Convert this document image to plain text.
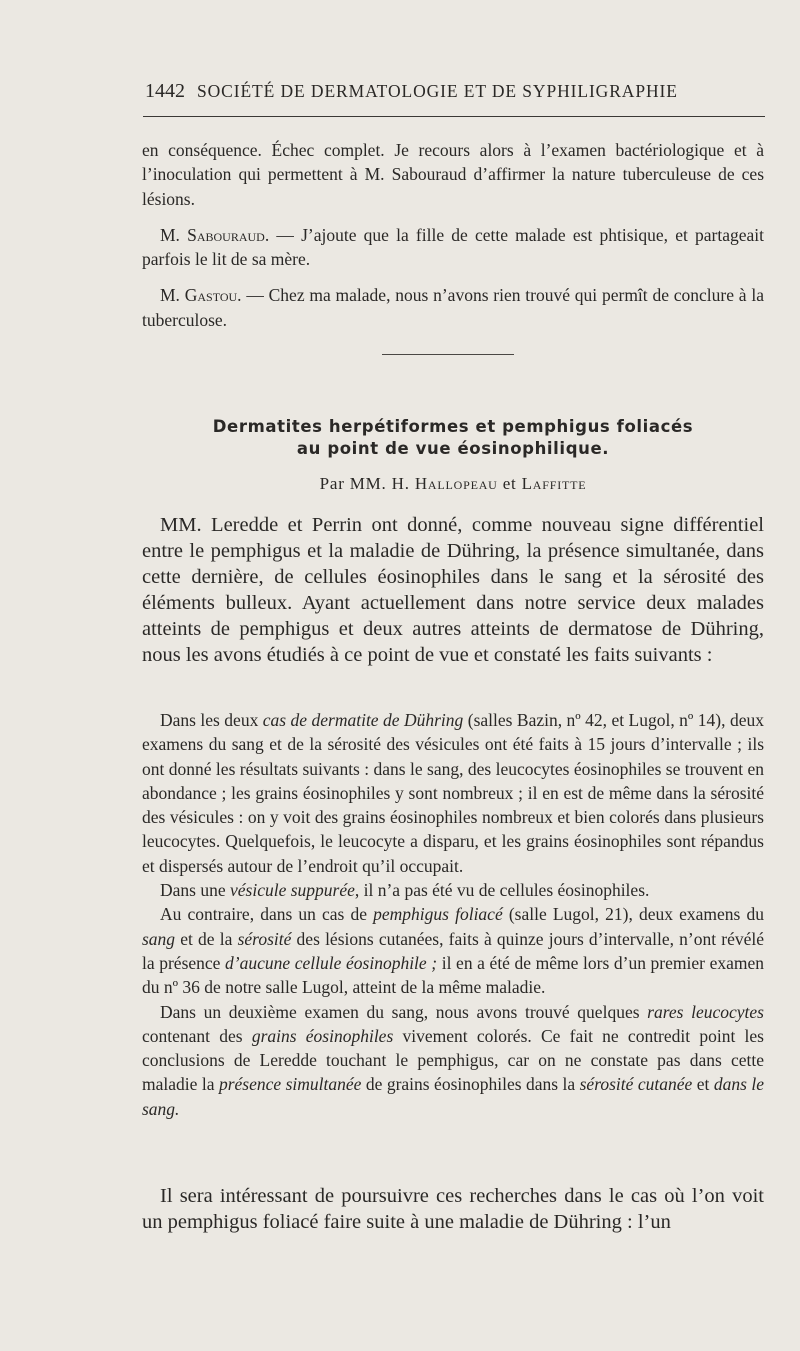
1442 SOCIÉTÉ DE DERMATOLOGIE ET DE SYPHILIGRAPHIE

en conséquence. Échec complet. Je recours alors à l’examen bactériologique et à l’inoculation qui permettent à M. Sabouraud d’affirmer la nature tuberculeuse de ces lésions.

M. Sabouraud. — J’ajoute que la fille de cette malade est phtisique, et partageait parfois le lit de sa mère.

M. Gastou. — Chez ma malade, nous n’avons rien trouvé qui permît de conclure à la tuberculose.

Dermatites herpétiformes et pemphigus foliacés

au point de vue éosinophilique.

Par MM. H. Hallopeau et Laffitte

MM. Leredde et Perrin ont donné, comme nouveau signe différentiel entre le pemphigus et la maladie de Dühring, la présence simultanée, dans cette dernière, de cellules éosinophiles dans le sang et la sérosité des éléments bulleux. Ayant actuellement dans notre service deux malades atteints de pemphigus et deux autres atteints de dermatose de Dühring, nous les avons étudiés à ce point de vue et constaté les faits suivants :

Dans les deux cas de dermatite de Dühring (salles Bazin, nº 42, et Lugol, nº 14), deux examens du sang et de la sérosité des vésicules ont été faits à 15 jours d’intervalle ; ils ont donné les résultats suivants : dans le sang, des leucocytes éosinophiles se trouvent en abondance ; les grains éosinophiles y sont nombreux ; il en est de même dans la sérosité des vésicules : on y voit des grains éosinophiles nombreux et bien colorés dans plusieurs leucocytes. Quelquefois, le leucocyte a disparu, et les grains éosinophiles sont répandus et dispersés autour de l’endroit qu’il occupait.

Dans une vésicule suppurée, il n’a pas été vu de cellules éosinophiles.

Au contraire, dans un cas de pemphigus foliacé (salle Lugol, 21), deux examens du sang et de la sérosité des lésions cutanées, faits à quinze jours d’intervalle, n’ont révélé la présence d’aucune cellule éosinophile ; il en a été de même lors d’un premier examen du nº 36 de notre salle Lugol, atteint de la même maladie.

Dans un deuxième examen du sang, nous avons trouvé quelques rares leucocytes contenant des grains éosinophiles vivement colorés. Ce fait ne contredit point les conclusions de Leredde touchant le pemphigus, car on ne constate pas dans cette maladie la présence simultanée de grains éosinophiles dans la sérosité cutanée et dans le sang.

Il sera intéressant de poursuivre ces recherches dans le cas où l’on voit un pemphigus foliacé faire suite à une maladie de Dühring : l’un
